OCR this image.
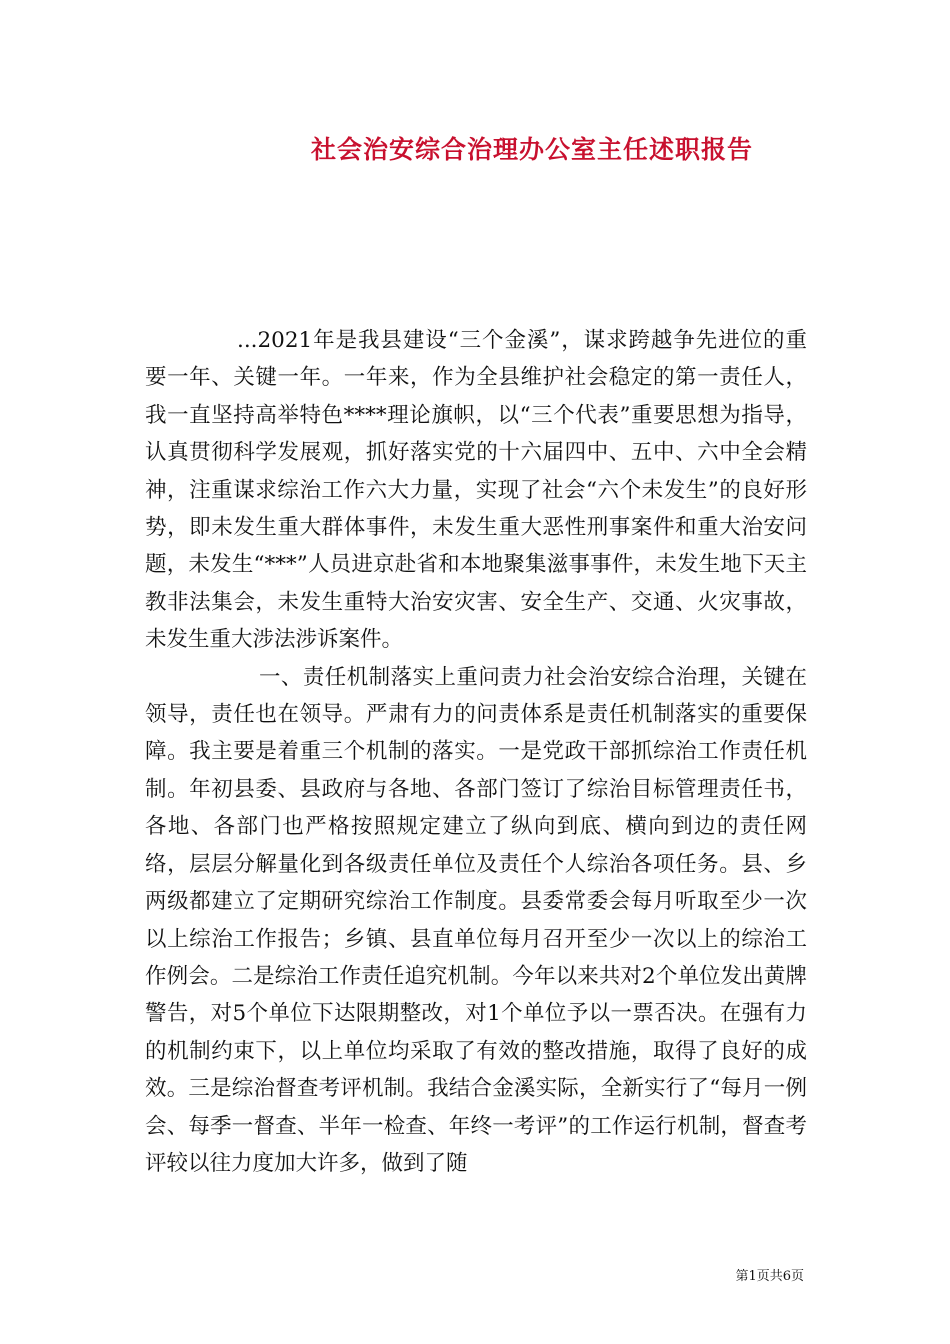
社会治安综合治理办公室主任述职报告

...2021年是我县建设“三个金溪”，谋求跨越争先进位的重要一年、关键一年。一年来，作为全县维护社会稳定的第一责任人，我一直坚持高举特色****理论旗帜，以“三个代表”重要思想为指导，认真贯彻科学发展观，抓好落实党的十六届四中、五中、六中全会精神，注重谋求综治工作六大力量，实现了社会“六个未发生”的良好形势，即未发生重大群体事件，未发生重大恶性刑事案件和重大治安问题，未发生“***”人员进京赴省和本地聚集滋事事件，未发生地下天主教非法集会，未发生重特大治安灾害、安全生产、交通、火灾事故，未发生重大涉法涉诉案件。

一、责任机制落实上重问责力社会治安综合治理，关键在领导，责任也在领导。严肃有力的问责体系是责任机制落实的重要保障。我主要是着重三个机制的落实。一是党政干部抓综治工作责任机制。年初县委、县政府与各地、各部门签订了综治目标管理责任书，各地、各部门也严格按照规定建立了纵向到底、横向到边的责任网络，层层分解量化到各级责任单位及责任个人综治各项任务。县、乡两级都建立了定期研究综治工作制度。县委常委会每月听取至少一次以上综治工作报告；乡镇、县直单位每月召开至少一次以上的综治工作例会。二是综治工作责任追究机制。今年以来共对2个单位发出黄牌警告，对5个单位下达限期整改，对1个单位予以一票否决。在强有力的机制约束下，以上单位均采取了有效的整改措施，取得了良好的成效。三是综治督查考评机制。我结合金溪实际，全新实行了“每月一例会、每季一督查、半年一检查、年终一考评”的工作运行机制，督查考评较以往力度加大许多，做到了随

第1页共6页
